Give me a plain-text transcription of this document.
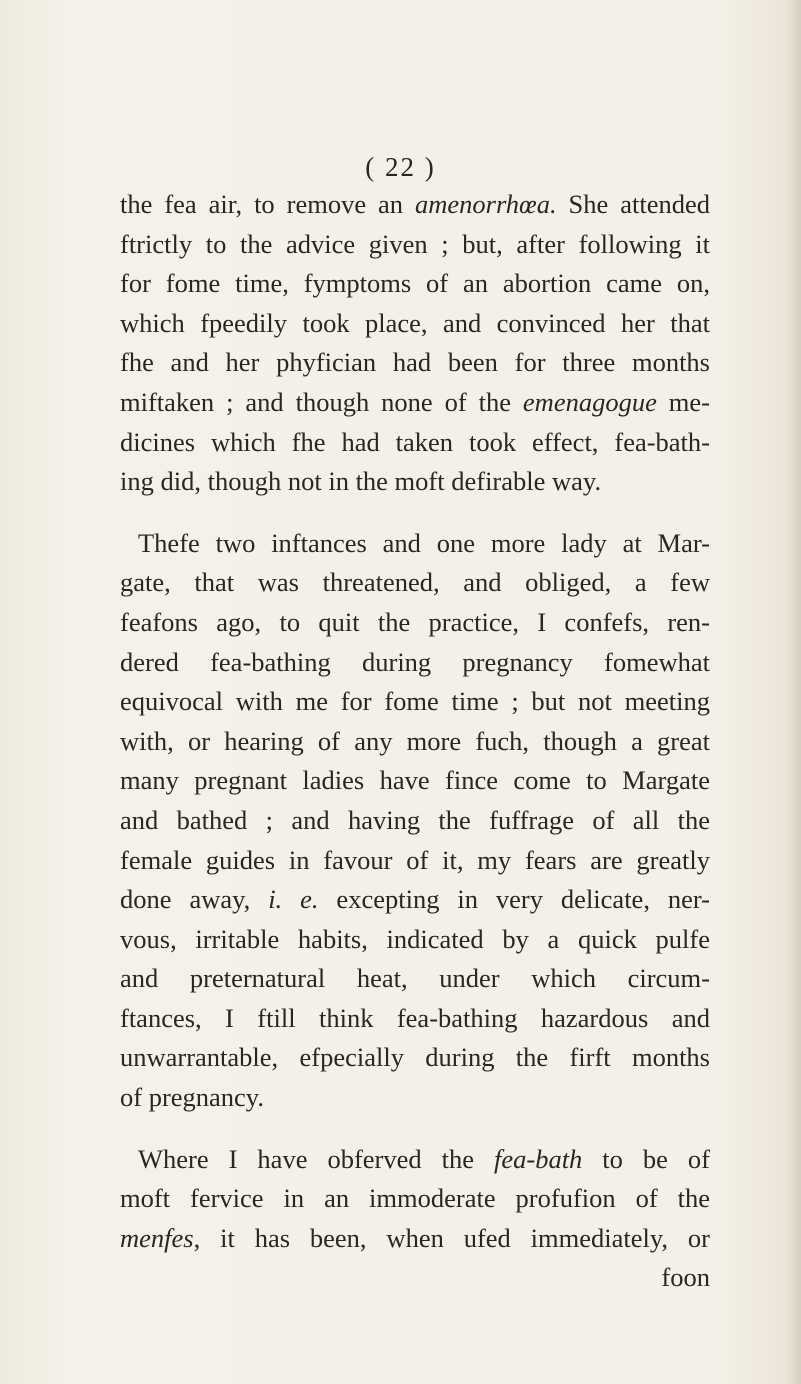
( 22 )
the fea air, to remove an amenorrhœa. She attended
ftrictly to the advice given ; but, after following it
for fome time, fymptoms of an abortion came on,
which fpeedily took place, and convinced her that
fhe and her phyfician had been for three months
miftaken ; and though none of the emenagogue me-
dicines which fhe had taken took effect, fea-bath-
ing did, though not in the moft defirable way.
Thefe two inftances and one more lady at Mar-
gate, that was threatened, and obliged, a few
feafons ago, to quit the practice, I confefs, ren-
dered fea-bathing during pregnancy fomewhat
equivocal with me for fome time ; but not meeting
with, or hearing of any more fuch, though a great
many pregnant ladies have fince come to Margate
and bathed ; and having the fuffrage of all the
female guides in favour of it, my fears are greatly
done away, i. e. excepting in very delicate, ner-
vous, irritable habits, indicated by a quick pulfe
and preternatural heat, under which circum-
ftances, I ftill think fea-bathing hazardous and
unwarrantable, efpecially during the firft months
of pregnancy.
Where I have obferved the fea-bath to be of
moft fervice in an immoderate profufion of the
menfes, it has been, when ufed immediately, or
foon
